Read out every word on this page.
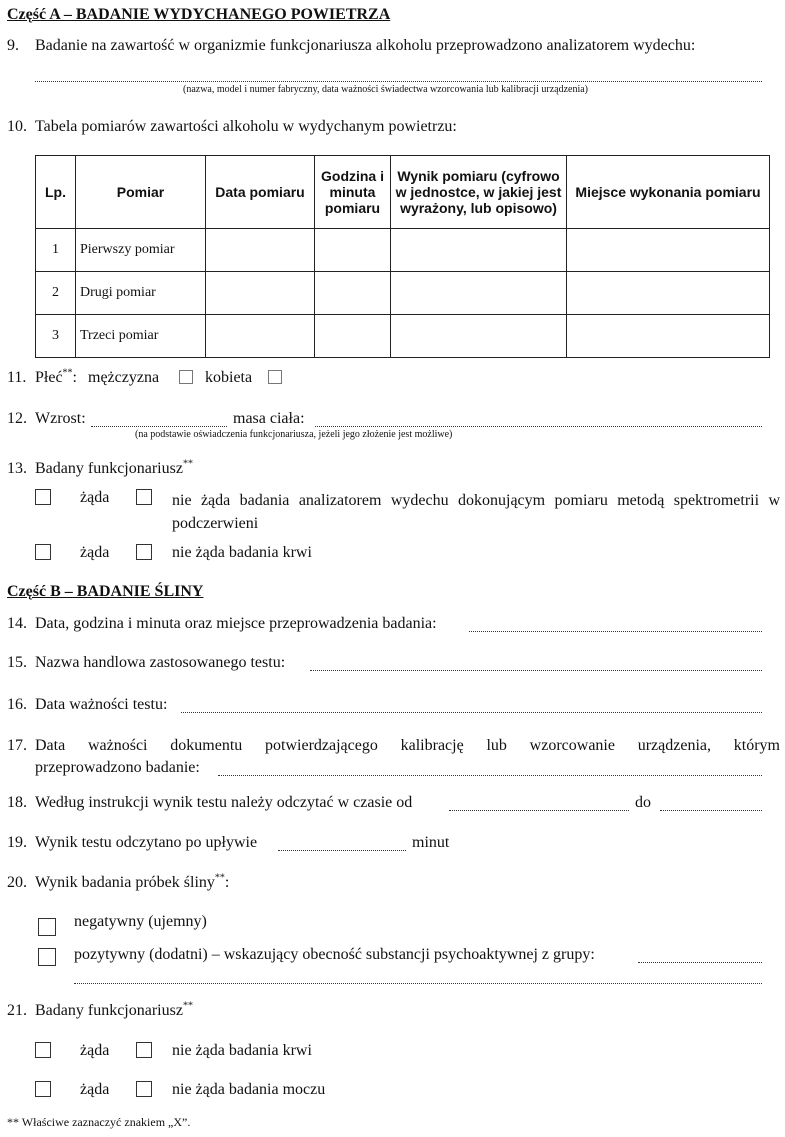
Część A – BADANIE WYDYCHANEGO POWIETRZA
9. Badanie na zawartość w organizmie funkcjonariusza alkoholu przeprowadzono analizatorem wydechu:
(nazwa, model i numer fabryczny, data ważności świadectwa wzorcowania lub kalibracji urządzenia)
10. Tabela pomiarów zawartości alkoholu w wydychanym powietrzu:
Lp.	Pomiar	Data pomiaru	Godzina i minuta pomiaru	Wynik pomiaru (cyfrowo w jednostce, w jakiej jest wyrażony, lub opisowo)	Miejsce wykonania pomiaru
1	Pierwszy pomiar				
2	Drugi pomiar				
3	Trzeci pomiar				
11. Płeć**: mężczyzna	kobieta
12. Wzrost:	masa ciała:
(na podstawie oświadczenia funkcjonariusza, jeżeli jego złożenie jest możliwe)
13. Badany funkcjonariusz**
żąda	nie żąda badania analizatorem wydechu dokonującym pomiaru metodą spektrometrii w podczerwieni
żąda	nie żąda badania krwi
Część B – BADANIE ŚLINY
14. Data, godzina i minuta oraz miejsce przeprowadzenia badania:
15. Nazwa handlowa zastosowanego testu:
16. Data ważności testu:
17. Data ważności dokumentu potwierdzającego kalibrację lub wzorcowanie urządzenia, którym
przeprowadzono badanie:
18. Według instrukcji wynik testu należy odczytać w czasie od	do
19. Wynik testu odczytano po upływie	minut
20. Wynik badania próbek śliny**:
negatywny (ujemny)
pozytywny (dodatni) – wskazujący obecność substancji psychoaktywnej z grupy:
21. Badany funkcjonariusz**
żąda	nie żąda badania krwi
żąda	nie żąda badania moczu
** Właściwe zaznaczyć znakiem „X”.
